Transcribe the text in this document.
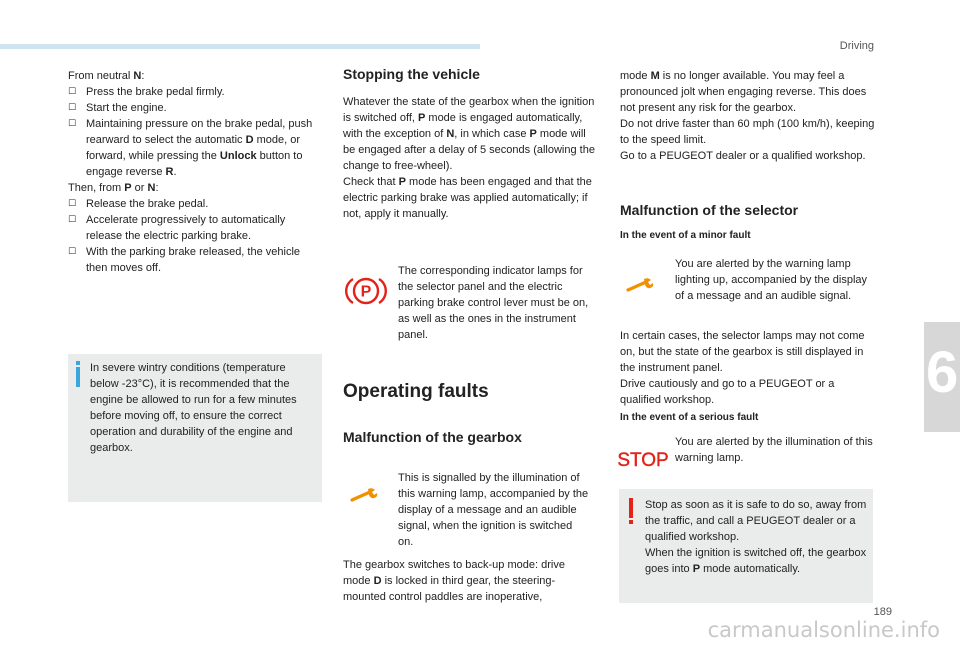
Driving
6

From neutral N:

☐ Press the brake pedal firmly.

☐ Start the engine.

☐ Maintaining pressure on the brake pedal, push rearward to select the automatic D mode, or forward, while pressing the Unlock button to engage reverse R.

Then, from P or N:

☐ Release the brake pedal.

☐ Accelerate progressively to automatically release the electric parking brake.

☐ With the parking brake released, the vehicle then moves off.

In severe wintry conditions (temperature below -23°C), it is recommended that the engine be allowed to run for a few minutes before moving off, to ensure the correct operation and durability of the engine and gearbox.

Stopping the vehicle

Whatever the state of the gearbox when the ignition is switched off, P mode is engaged automatically, with the exception of N, in which case P mode will be engaged after a delay of 5 seconds (allowing the change to free-wheel).

Check that P mode has been engaged and that the electric parking brake was applied automatically; if not, apply it manually.

P

The corresponding indicator lamps for the selector panel and the electric parking brake control lever must be on, as well as the ones in the instrument panel.

Operating faults
Malfunction of the gearbox

This is signalled by the illumination of this warning lamp, accompanied by the display of a message and an audible signal, when the ignition is switched on.

The gearbox switches to back-up mode: drive mode D is locked in third gear, the steering-mounted control paddles are inoperative,

mode M is no longer available. You may feel a pronounced jolt when engaging reverse. This does not present any risk for the gearbox.

Do not drive faster than 60 mph (100 km/h), keeping to the speed limit.

Go to a PEUGEOT dealer or a qualified workshop.

Malfunction of the selector

In the event of a minor fault

You are alerted by the warning lamp lighting up, accompanied by the display of a message and an audible signal.

In certain cases, the selector lamps may not come on, but the state of the gearbox is still displayed in the instrument panel.

Drive cautiously and go to a PEUGEOT or a qualified workshop.

In the event of a serious fault

STOP

You are alerted by the illumination of this warning lamp.

Stop as soon as it is safe to do so, away from the traffic, and call a PEUGEOT dealer or a qualified workshop.

When the ignition is switched off, the gearbox goes into P mode automatically.

189
carmanualsonline.info
